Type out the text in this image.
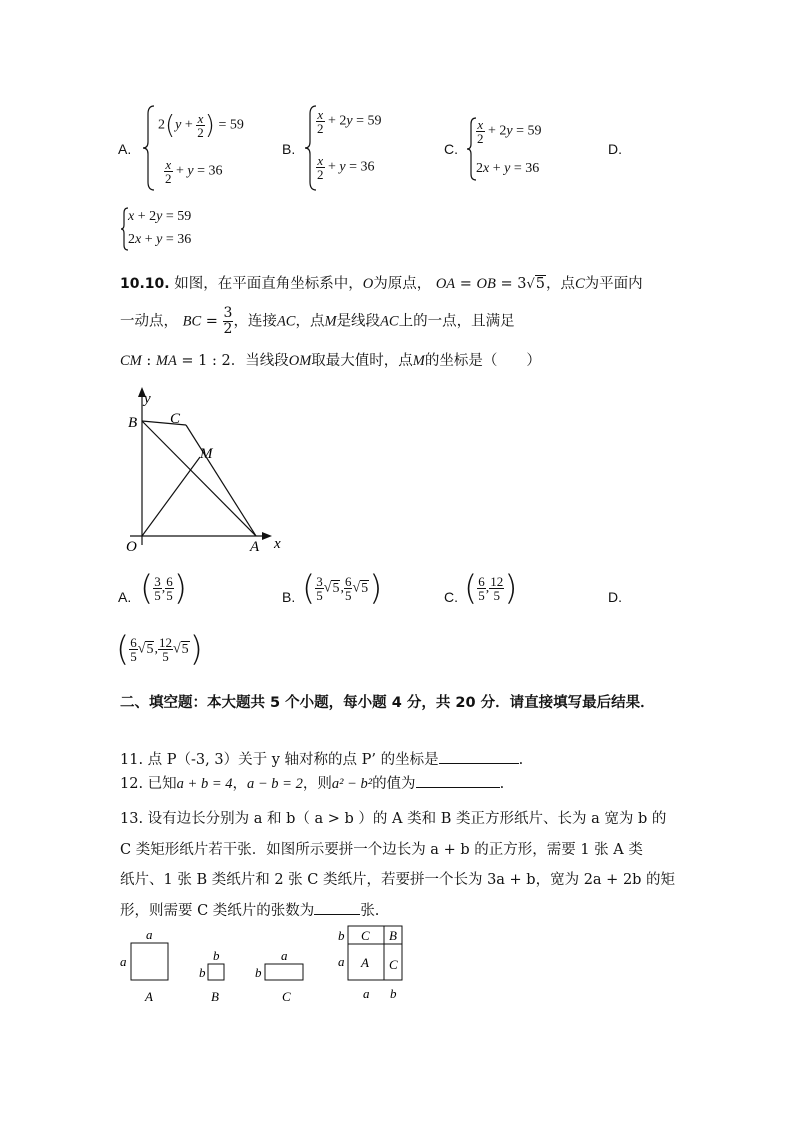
A.
$2(y + \frac{x}{2}$ ) = 59
$\frac{x}{2} + y = 36$
B.
$\frac{x}{2} + 2y = 59$
$\frac{x}{2} + y = 36$
C.
$\frac{x}{2} + 2y = 59$
2x + y = 36
D.
x + 2y = 59
2x + y = 36
10.10. 如图，在平面直角坐标系中，O为原点， OA = OB = 3√5，点C为平面内
一动点， BC = $\frac{3}{2}$ ，连接AC，点M是线段AC上的一点，且满足
CM : MA = 1 : 2．当线段OM取最大值时，点M的坐标是（　　）
y
B C
M
O	A x
A. ( $\frac{3}{5}$ , $\frac{6}{5}$ )	B. ( $\frac{3}{5} √5$, $\frac{6}{5} √5$)	C. ( $\frac{6}{5}$ , $\frac{12}{5}$ )	D.
( $\frac{6}{5} √5$, $\frac{12}{5} √5$)
二、填空题：本大题共 5 个小题，每小题 4 分，共 20 分．请直接填写最后结果．
11. 点 P（-3, 3）关于 y 轴对称的点 P’ 的坐标是	.
12. 已知a + b = 4，a − b = 2，则a² − b²的值为	.
13. 设有边长分别为 a 和 b（ a > b ）的 A 类和 B 类正方形纸片、长为 a 宽为 b 的
C 类矩形纸片若干张．如图所示要拼一个边长为 a + b 的正方形，需要 1 张 A 类
纸片、1 张 B 类纸片和 2 张 C 类纸片，若要拼一个长为 3a + b，宽为 2a + 2b 的矩
形，则需要 C 类纸片的张数为	张.
a
a
A
b
b
B
a
b
C
C B
A C
b
a
a b
